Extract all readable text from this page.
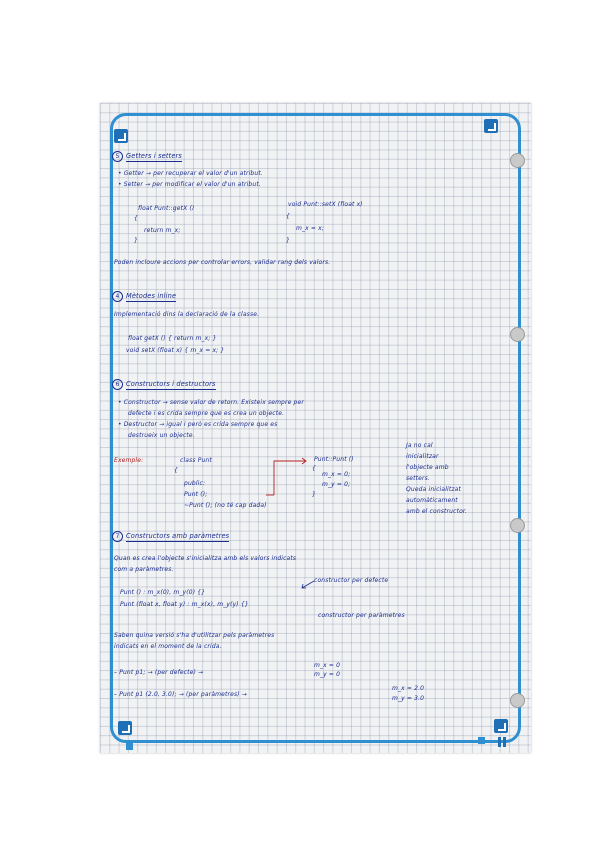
5 Getters i setters
• Getter → per recuperar el valor d'un atribut.
• Setter → per modificar el valor d'un atribut.
float Punt::getX ()
{
return m_x;
}
void Punt::setX (float x)
{
m_x = x;
}
Poden incloure accions per controlar errors, validar rang dels valors.
4 Mètodes inline
Implementació dins la declaració de la classe.
float getX () { return m_x; }
void setX (float x) { m_x = x; }
6 Constructors i destructors
• Constructor → sense valor de retorn. Existeix sempre per
defecte i es crida sempre que es crea un objecte.
• Destructor → igual i però es crida sempre que es
destrueix un objecte.
Exemple:	class Punt
{
public:
Punt ();
~Punt (); (no té cap dada)
Punt::Punt ()
{
m_x = 0;
m_y = 0;
}
Ja no cal
inicialitzar
l'objecte amb
setters.
Queda inicialitzat
automàticament
amb el constructor.
7 Constructors amb paràmetres
Quan es crea l'objecte s'inicialitza amb els valors indicats
com a paràmetres.
constructor per defecte
Punt () : m_x(0), m_y(0) {}
Punt (float x, float y) : m_x(x), m_y(y) {}
constructor per paràmetres
Saben quina versió s'ha d'utilitzar pels paràmetres
indicats en el moment de la crida.
– Punt p1; → (per defecte) →
m_x = 0
m_y = 0
– Punt p1 (2.0, 3.0); → (per paràmetres) →
m_x = 2.0
m_y = 3.0
